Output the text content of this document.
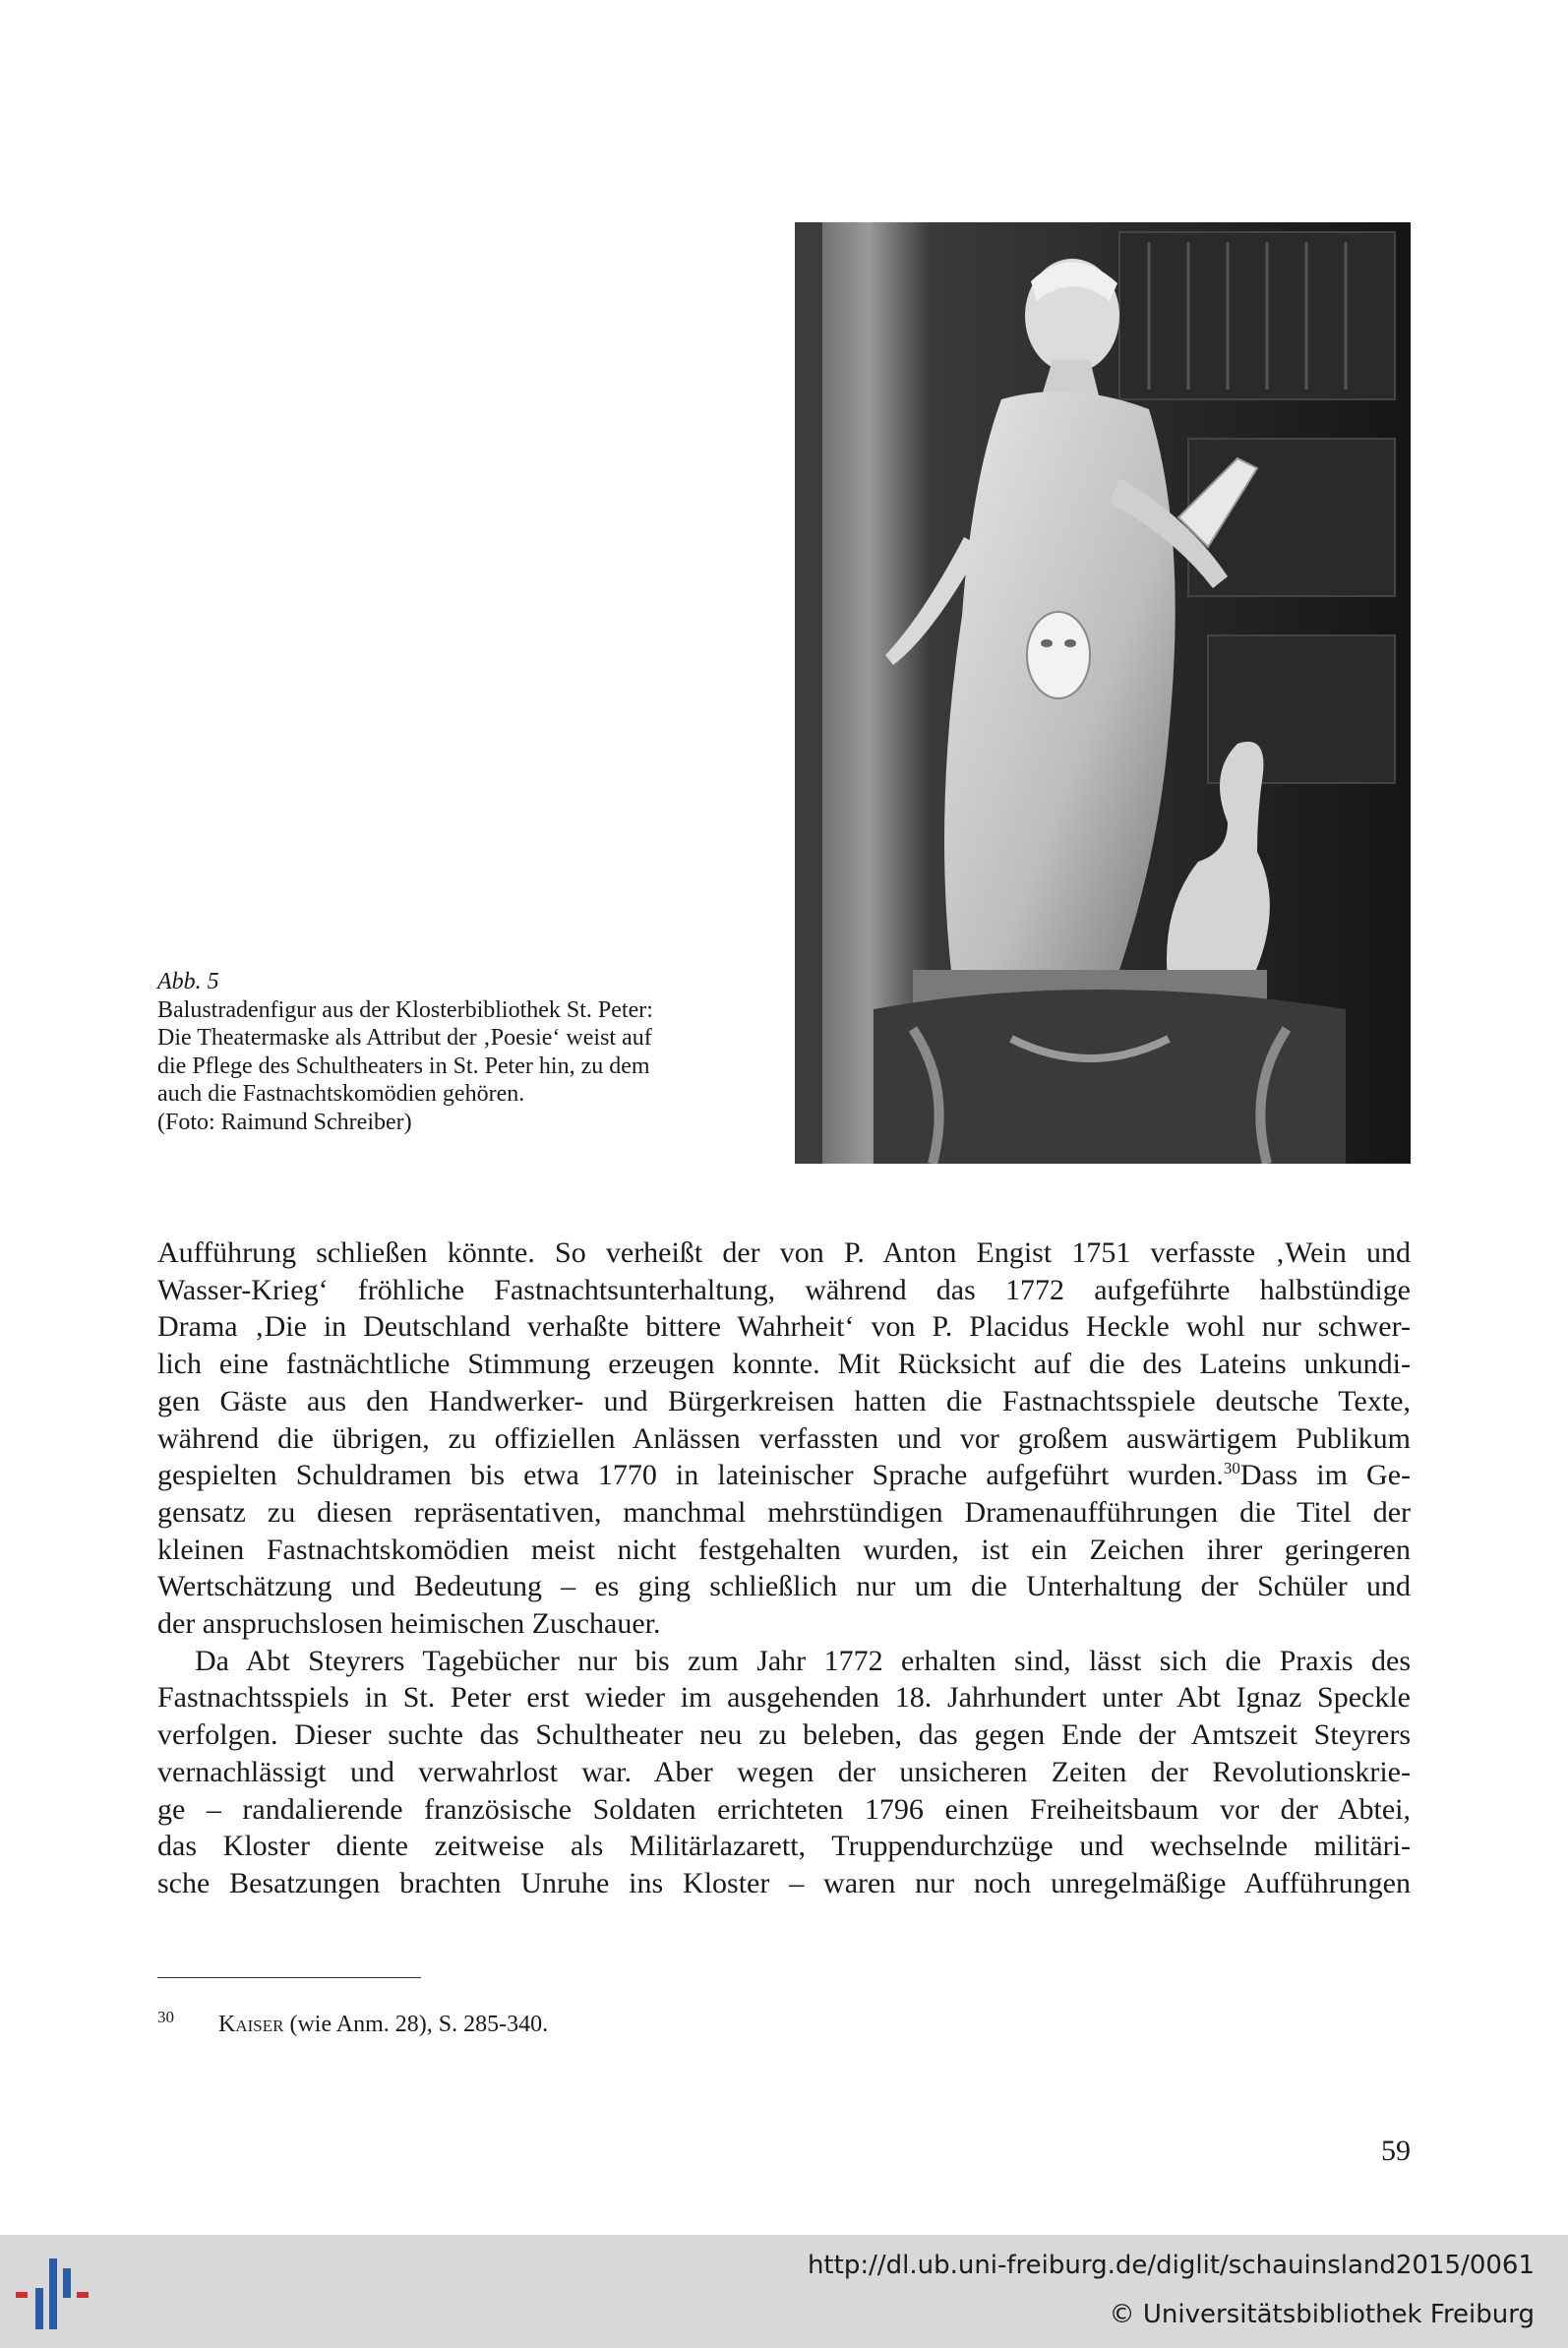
Abb. 5
Balustradenfigur aus der Klosterbibliothek St. Peter:
Die Theatermaske als Attribut der ‚Poesie‘ weist auf
die Pflege des Schultheaters in St. Peter hin, zu dem
auch die Fastnachtskomödien gehören.
(Foto: Raimund Schreiber)
Aufführung schließen könnte. So verheißt der von P. Anton Engist 1751 verfasste ‚Wein und
Wasser-Krieg‘ fröhliche Fastnachtsunterhaltung, während das 1772 aufgeführte halbstündige
Drama ‚Die in Deutschland verhaßte bittere Wahrheit‘ von P. Placidus Heckle wohl nur schwer-
lich eine fastnächtliche Stimmung erzeugen konnte. Mit Rücksicht auf die des Lateins unkundi-
gen Gäste aus den Handwerker- und Bürgerkreisen hatten die Fastnachtsspiele deutsche Texte,
während die übrigen, zu offiziellen Anlässen verfassten und vor großem auswärtigem Publikum
gespielten Schuldramen bis etwa 1770 in lateinischer Sprache aufgeführt wurden.$^{30}$Dass im Ge-
gensatz zu diesen repräsentativen, manchmal mehrstündigen Dramenaufführungen die Titel der
kleinen Fastnachtskomödien meist nicht festgehalten wurden, ist ein Zeichen ihrer geringeren
Wertschätzung und Bedeutung – es ging schließlich nur um die Unterhaltung der Schüler und
der anspruchslosen heimischen Zuschauer.
Da Abt Steyrers Tagebücher nur bis zum Jahr 1772 erhalten sind, lässt sich die Praxis des
Fastnachtsspiels in St. Peter erst wieder im ausgehenden 18. Jahrhundert unter Abt Ignaz Speckle
verfolgen. Dieser suchte das Schultheater neu zu beleben, das gegen Ende der Amtszeit Steyrers
vernachlässigt und verwahrlost war. Aber wegen der unsicheren Zeiten der Revolutionskrie-
ge – randalierende französische Soldaten errichteten 1796 einen Freiheitsbaum vor der Abtei,
das Kloster diente zeitweise als Militärlazarett, Truppendurchzüge und wechselnde militäri-
sche Besatzungen brachten Unruhe ins Kloster – waren nur noch unregelmäßige Aufführungen
30 Kaiser (wie Anm. 28), S. 285-340.
59
http://dl.ub.uni-freiburg.de/diglit/schauinsland2015/0061
© Universitätsbibliothek Freiburg
